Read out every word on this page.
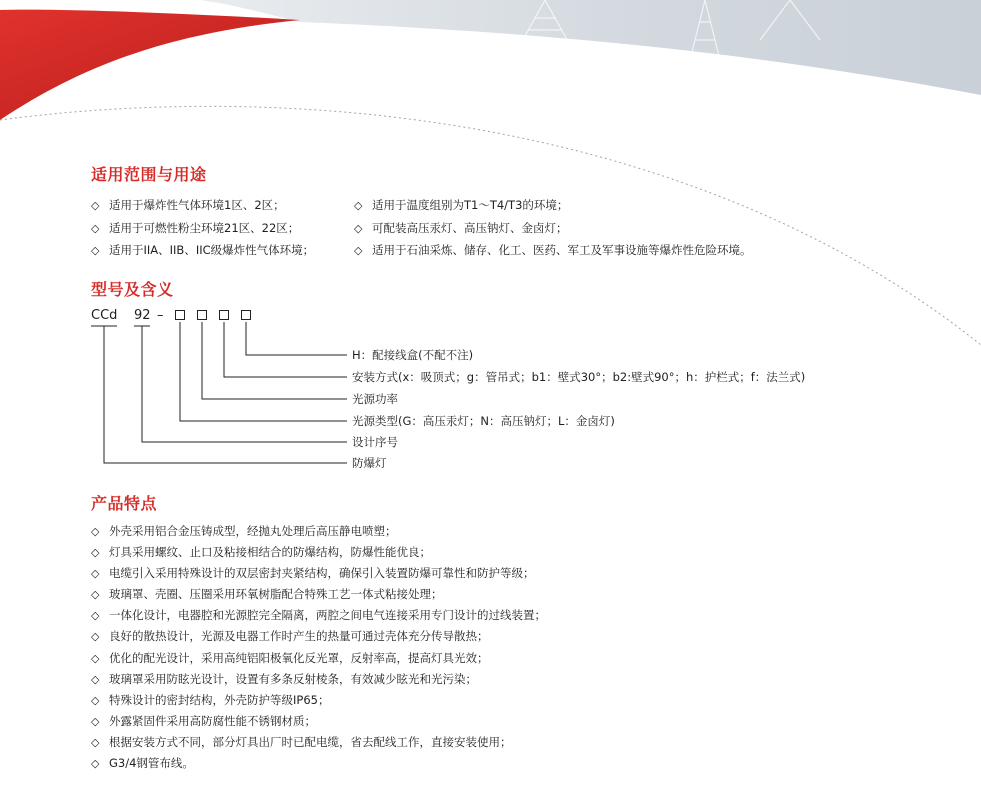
适用范围与用途
◇ 适用于爆炸性气体环境1区、2区；
◇ 适用于可燃性粉尘环境21区、22区；
◇ 适用于IIA、IIB、IIC级爆炸性气体环境；
◇ 适用于温度组别为T1～T4/T3的环境；
◇ 可配装高压汞灯、高压钠灯、金卤灯；
◇ 适用于石油采炼、储存、化工、医药、军工及军事设施等爆炸性危险环境。
型号及含义
CCd 92 –
H：配接线盒(不配不注)
安装方式(x：吸顶式；g：管吊式；b1：壁式30°；b2:壁式90°；h：护栏式；f：法兰式)
光源功率
光源类型(G：高压汞灯；N：高压钠灯；L：金卤灯)
设计序号
防爆灯
产品特点
◇ 外壳采用铝合金压铸成型，经抛丸处理后高压静电喷塑；
◇ 灯具采用螺纹、止口及粘接相结合的防爆结构，防爆性能优良；
◇ 电缆引入采用特殊设计的双层密封夹紧结构，确保引入装置防爆可靠性和防护等级；
◇ 玻璃罩、壳圈、压圈采用环氧树脂配合特殊工艺一体式粘接处理；
◇ 一体化设计，电器腔和光源腔完全隔离，两腔之间电气连接采用专门设计的过线装置；
◇ 良好的散热设计，光源及电器工作时产生的热量可通过壳体充分传导散热；
◇ 优化的配光设计，采用高纯铝阳极氧化反光罩，反射率高，提高灯具光效；
◇ 玻璃罩采用防眩光设计，设置有多条反射棱条，有效减少眩光和光污染；
◇ 特殊设计的密封结构，外壳防护等级IP65；
◇ 外露紧固件采用高防腐性能不锈钢材质；
◇ 根据安装方式不同，部分灯具出厂时已配电缆，省去配线工作，直接安装使用；
◇ G3/4钢管布线。
